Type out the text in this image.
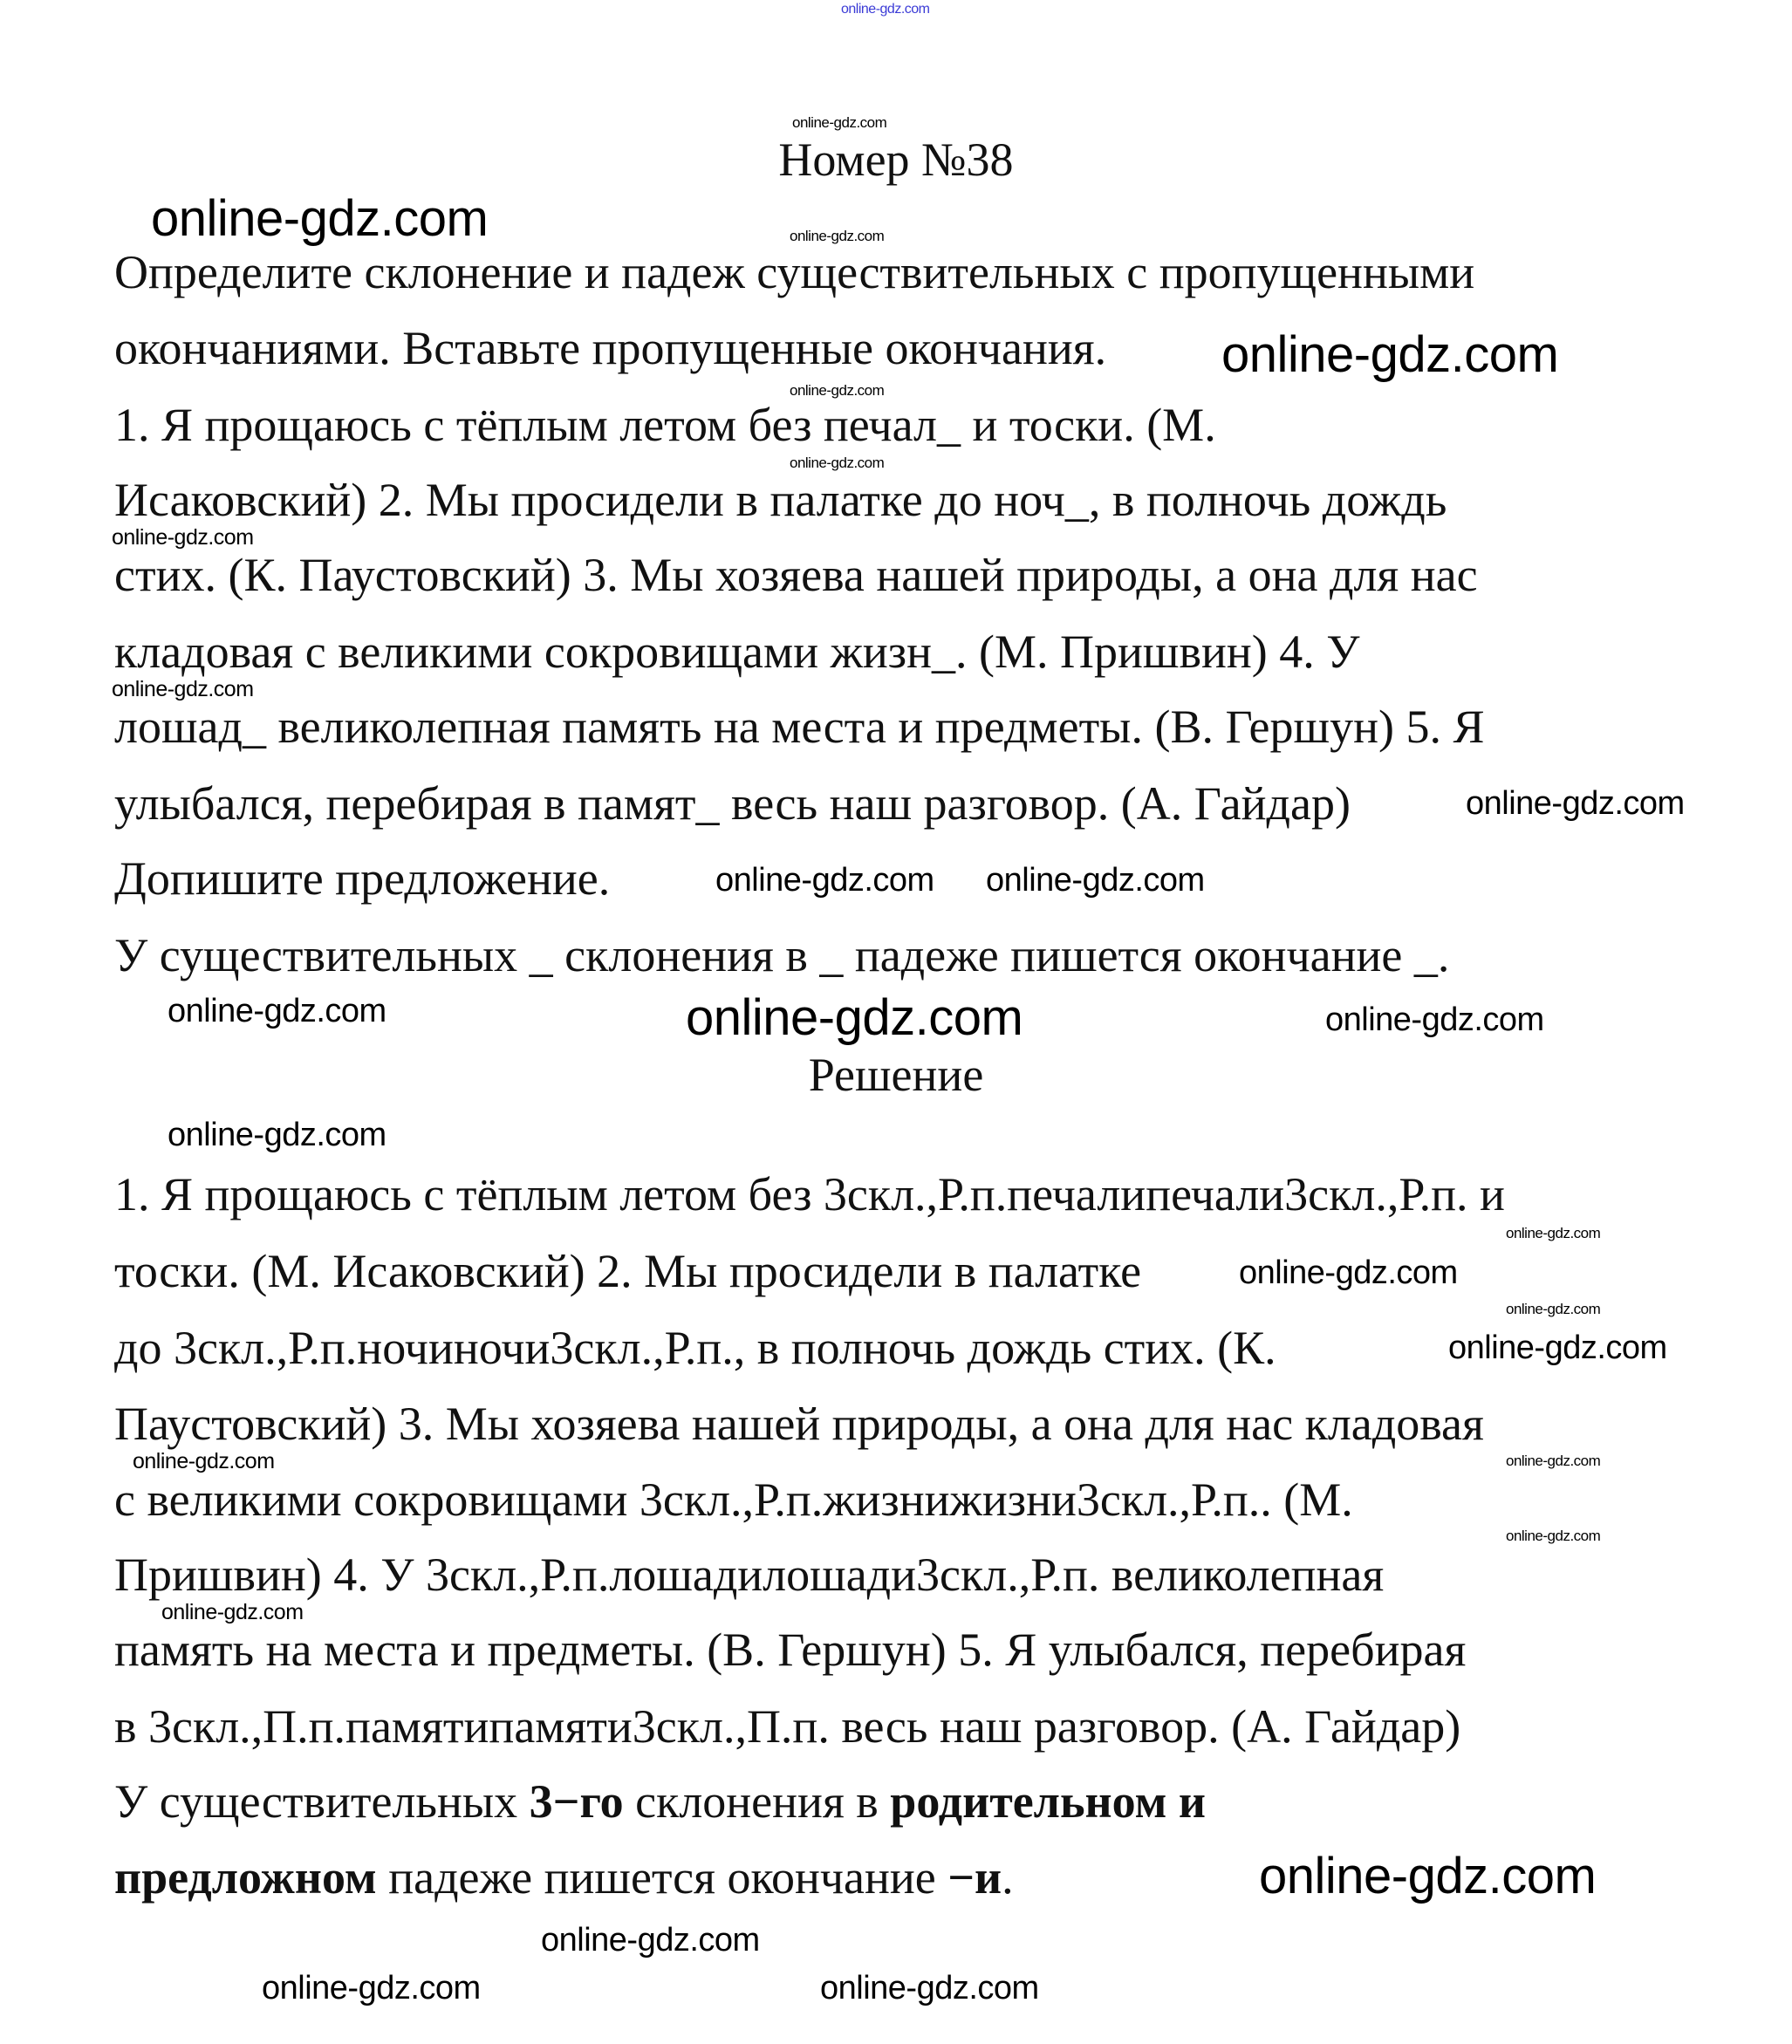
online-gdz.com
Номер №38
Определите склонение и падеж существительных с пропущенными
окончаниями. Вставьте пропущенные окончания.
1. Я прощаюсь с тёплым летом без печал_ и тоски. (М.
Исаковский) 2. Мы просидели в палатке до ноч_, в полночь дождь
стих. (К. Паустовский) 3. Мы хозяева нашей природы, а она для нас
кладовая с великими сокровищами жизн_. (М. Пришвин) 4. У
лошад_ великолепная память на места и предметы. (В. Гершун) 5. Я
улыбался, перебирая в памят_ весь наш разговор. (А. Гайдар)
Допишите предложение.
У существительных _ склонения в _ падеже пишется окончание _.
Решение
1. Я прощаюсь с тёплым летом без 3скл.,Р.п.печалипечали3скл.,Р.п. и
тоски. (М. Исаковский) 2. Мы просидели в палатке
до 3скл.,Р.п.ночиночи3скл.,Р.п., в полночь дождь стих. (К.
Паустовский) 3. Мы хозяева нашей природы, а она для нас кладовая
с великими сокровищами 3скл.,Р.п.жизнижизни3скл.,Р.п.. (М.
Пришвин) 4. У 3скл.,Р.п.лошадилошади3скл.,Р.п. великолепная
память на места и предметы. (В. Гершун) 5. Я улыбался, перебирая
в 3скл.,П.п.памятипамяти3скл.,П.п. весь наш разговор. (А. Гайдар)
У существительных 3−го склонения в родительном и
предложном падеже пишется окончание −и.
online-gdz.com
online-gdz.com	online-gdz.com
online-gdz.com
online-gdz.com
online-gdz.com
online-gdz.com
online-gdz.com online-gdz.com
online-gdz.com
online-gdz.com
online-gdz.com	online-gdz.com	online-gdz.com
online-gdz.com
online-gdz.com
online-gdz.com
online-gdz.com
online-gdz.com
online-gdz.com
online-gdz.com
online-gdz.com
online-gdz.com
online-gdz.com
online-gdz.com	online-gdz.com
online-gdz.com
